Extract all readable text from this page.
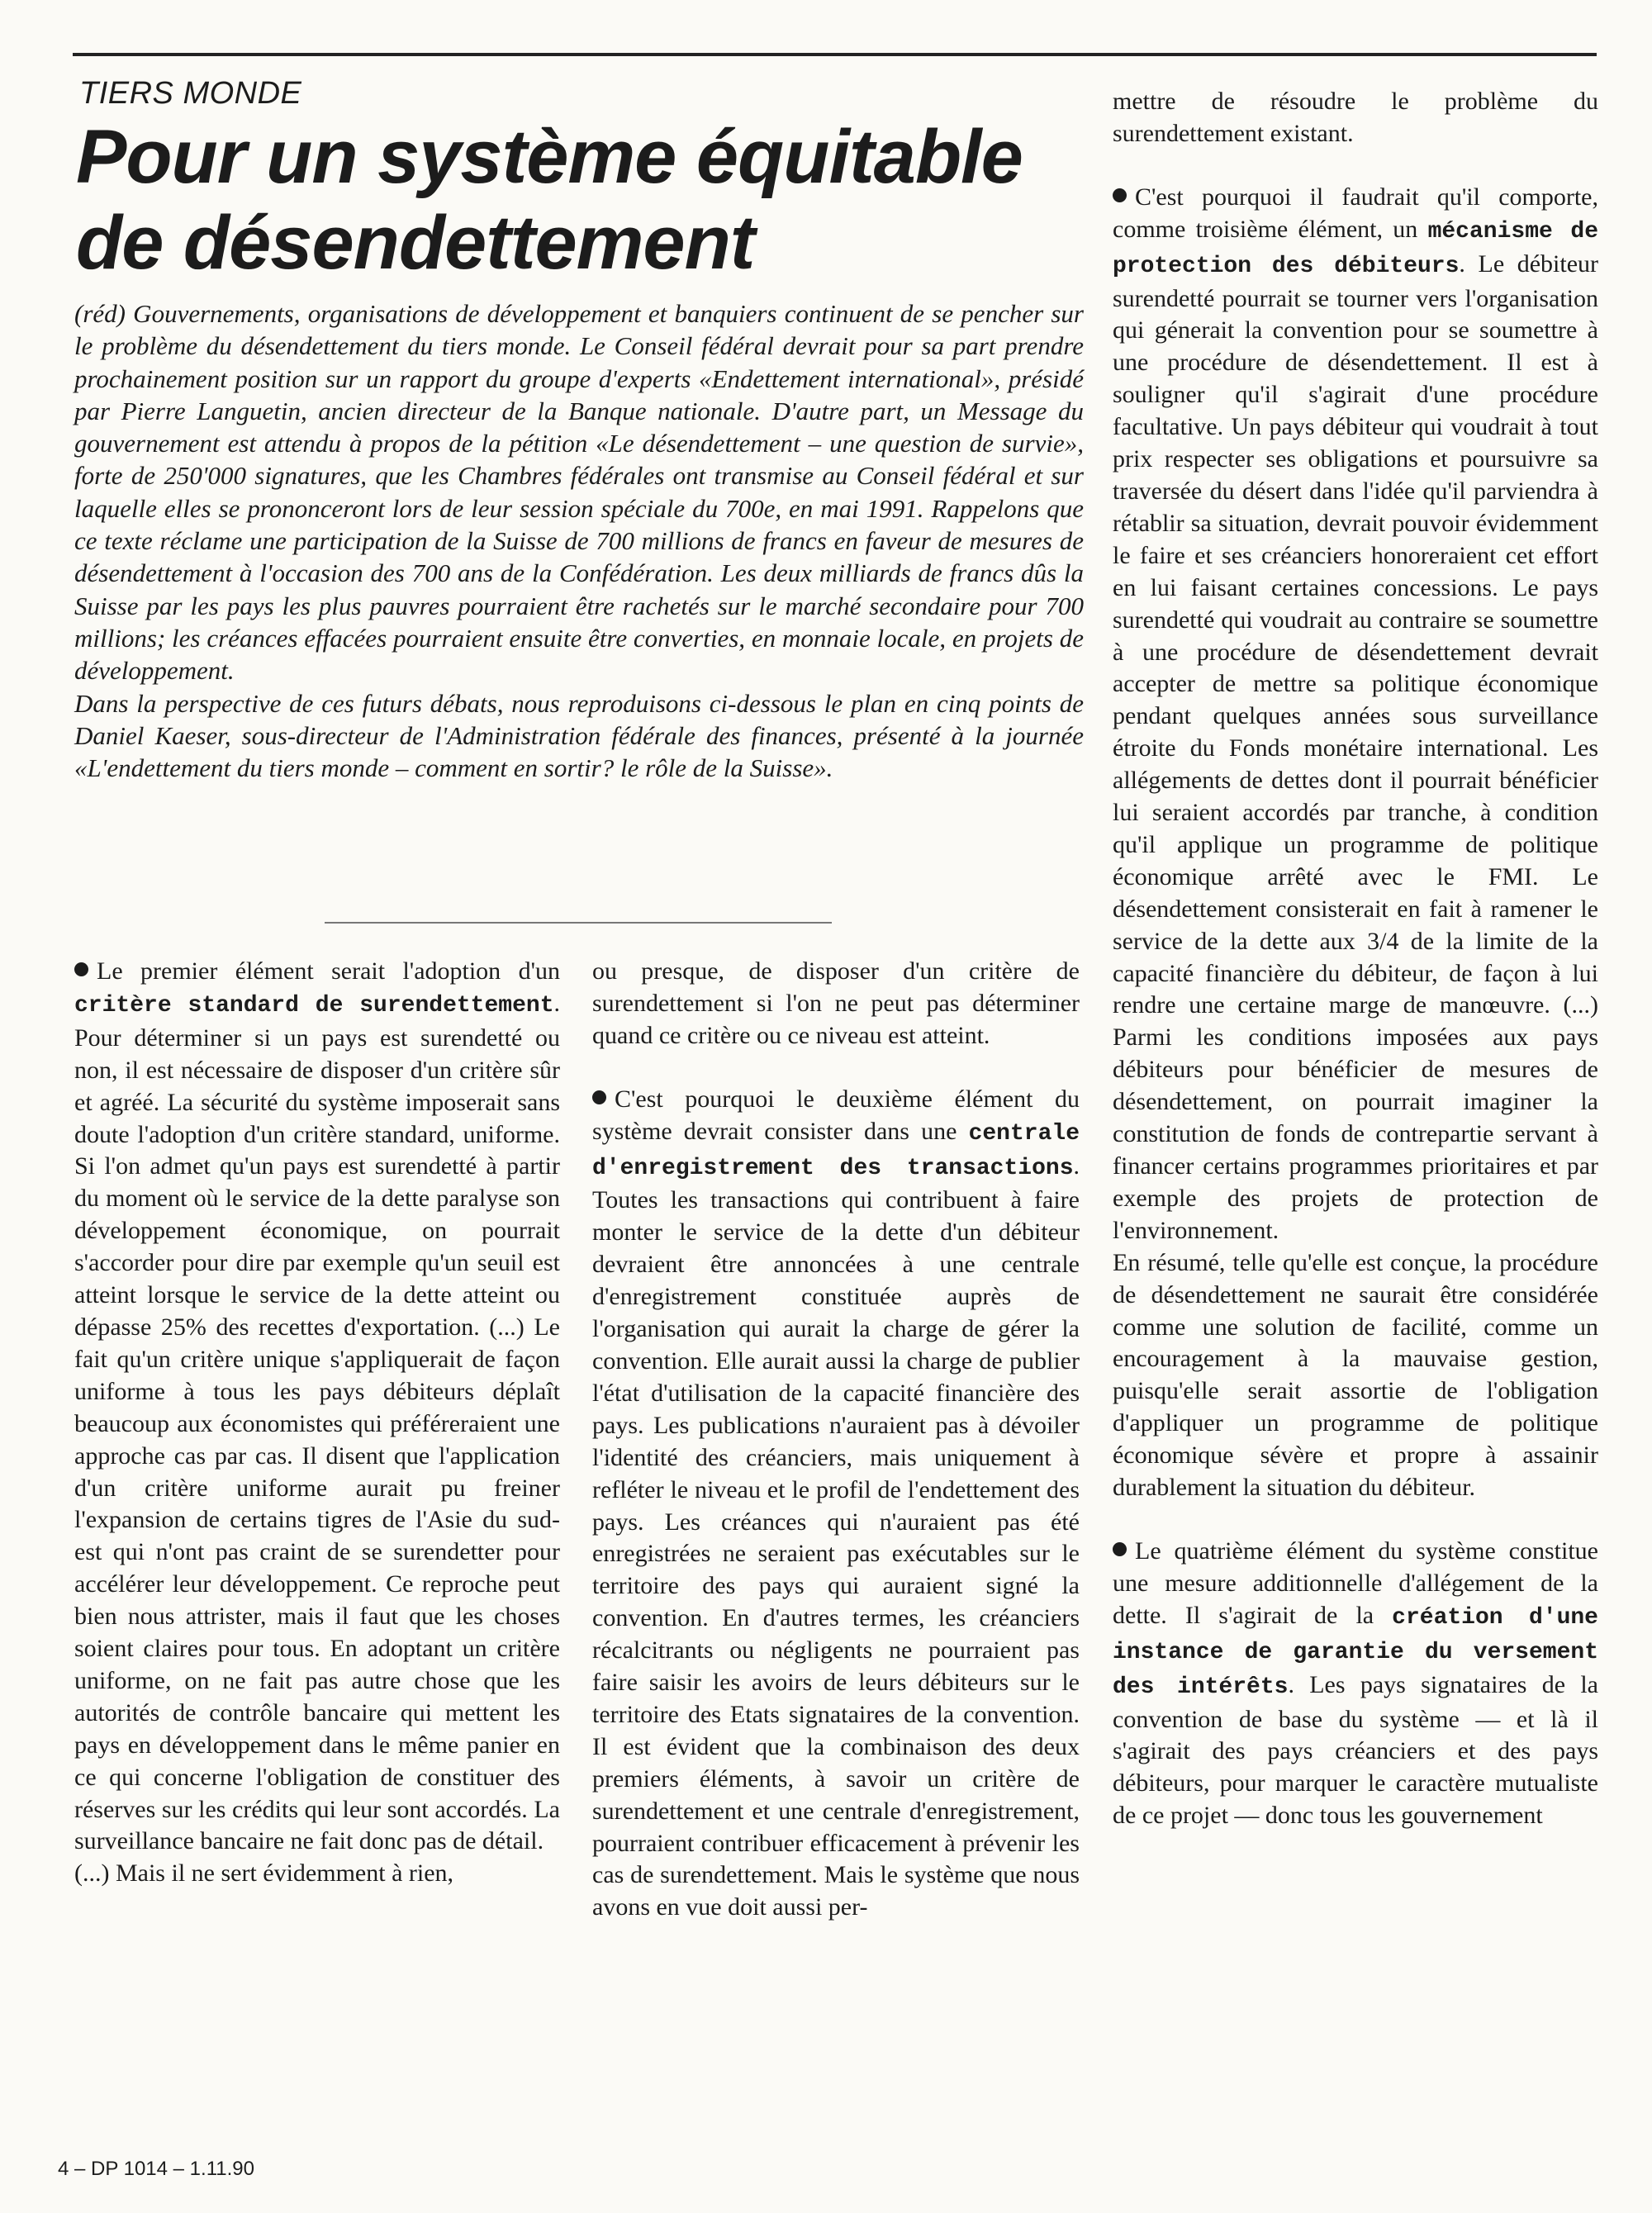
TIERS MONDE
Pour un système équitable
de désendettement

(réd) Gouvernements, organisations de développement et banquiers continuent de se pencher sur le problème du désendettement du tiers monde. Le Conseil fédéral devrait pour sa part prendre prochainement position sur un rapport du groupe d'experts «Endettement international», présidé par Pierre Languetin, ancien directeur de la Banque nationale. D'autre part, un Message du gouvernement est attendu à propos de la pétition «Le désendettement – une question de survie», forte de 250'000 signatures, que les Chambres fédérales ont transmise au Conseil fédéral et sur laquelle elles se prononceront lors de leur session spéciale du 700e, en mai 1991. Rappelons que ce texte réclame une participation de la Suisse de 700 millions de francs en faveur de mesures de désendettement à l'occasion des 700 ans de la Confédération. Les deux milliards de francs dûs la Suisse par les pays les plus pauvres pourraient être rachetés sur le marché secondaire pour 700 millions; les créances effacées pourraient ensuite être converties, en monnaie locale, en projets de développement.

Dans la perspective de ces futurs débats, nous reproduisons ci-dessous le plan en cinq points de Daniel Kaeser, sous-directeur de l'Administration fédérale des finances, présenté à la journée «L'endettement du tiers monde – comment en sortir? le rôle de la Suisse».

Le premier élément serait l'adoption d'un critère standard de surendettement. Pour déterminer si un pays est surendetté ou non, il est nécessaire de disposer d'un critère sûr et agréé. La sécurité du système imposerait sans doute l'adoption d'un critère standard, uniforme. Si l'on admet qu'un pays est surendetté à partir du moment où le service de la dette paralyse son développement économique, on pourrait s'accorder pour dire par exemple qu'un seuil est atteint lorsque le service de la dette atteint ou dépasse 25% des recettes d'exportation. (...) Le fait qu'un critère unique s'appliquerait de façon uniforme à tous les pays débiteurs déplaît beaucoup aux économistes qui préféreraient une approche cas par cas. Il disent que l'application d'un critère uniforme aurait pu freiner l'expansion de certains tigres de l'Asie du sud-est qui n'ont pas craint de se surendetter pour accélérer leur développement. Ce reproche peut bien nous attrister, mais il faut que les choses soient claires pour tous. En adoptant un critère uniforme, on ne fait pas autre chose que les autorités de contrôle bancaire qui mettent les pays en développement dans le même panier en ce qui concerne l'obligation de constituer des réserves sur les crédits qui leur sont accordés. La surveillance bancaire ne fait donc pas de détail.

(...) Mais il ne sert évidemment à rien,

ou presque, de disposer d'un critère de surendettement si l'on ne peut pas déterminer quand ce critère ou ce niveau est atteint.

C'est pourquoi le deuxième élément du système devrait consister dans une centrale d'enregistrement des transactions. Toutes les transactions qui contribuent à faire monter le service de la dette d'un débiteur devraient être annoncées à une centrale d'enregistrement constituée auprès de l'organisation qui aurait la charge de gérer la convention. Elle aurait aussi la charge de publier l'état d'utilisation de la capacité financière des pays. Les publications n'auraient pas à dévoiler l'identité des créanciers, mais uniquement à refléter le niveau et le profil de l'endettement des pays. Les créances qui n'auraient pas été enregistrées ne seraient pas exécutables sur le territoire des pays qui auraient signé la convention. En d'autres termes, les créanciers récalcitrants ou négligents ne pourraient pas faire saisir les avoirs de leurs débiteurs sur le territoire des Etats signataires de la convention. Il est évident que la combinaison des deux premiers éléments, à savoir un critère de surendettement et une centrale d'enregistrement, pourraient contribuer efficacement à prévenir les cas de surendettement. Mais le système que nous avons en vue doit aussi per-

mettre de résoudre le problème du surendettement existant.

C'est pourquoi il faudrait qu'il comporte, comme troisième élément, un mécanisme de protection des débiteurs. Le débiteur surendetté pourrait se tourner vers l'organisation qui génerait la convention pour se soumettre à une procédure de désendettement. Il est à souligner qu'il s'agirait d'une procédure facultative. Un pays débiteur qui voudrait à tout prix respecter ses obligations et poursuivre sa traversée du désert dans l'idée qu'il parviendra à rétablir sa situation, devrait pouvoir évidemment le faire et ses créanciers honoreraient cet effort en lui faisant certaines concessions. Le pays surendetté qui voudrait au contraire se soumettre à une procédure de désendettement devrait accepter de mettre sa politique économique pendant quelques années sous surveillance étroite du Fonds monétaire international. Les allégements de dettes dont il pourrait bénéficier lui seraient accordés par tranche, à condition qu'il applique un programme de politique économique arrêté avec le FMI. Le désendettement consisterait en fait à ramener le service de la dette aux 3/4 de la limite de la capacité financière du débiteur, de façon à lui rendre une certaine marge de manœuvre. (...) Parmi les conditions imposées aux pays débiteurs pour bénéficier de mesures de désendettement, on pourrait imaginer la constitution de fonds de contrepartie servant à financer certains programmes prioritaires et par exemple des projets de protection de l'environnement.

En résumé, telle qu'elle est conçue, la procédure de désendettement ne saurait être considérée comme une solution de facilité, comme un encouragement à la mauvaise gestion, puisqu'elle serait assortie de l'obligation d'appliquer un programme de politique économique sévère et propre à assainir durablement la situation du débiteur.

Le quatrième élément du système constitue une mesure additionnelle d'allégement de la dette. Il s'agirait de la création d'une instance de garantie du versement des intérêts. Les pays signataires de la convention de base du système — et là il s'agirait des pays créanciers et des pays débiteurs, pour marquer le caractère mutualiste de ce projet — donc tous les gouvernement

4 – DP 1014 – 1.11.90
